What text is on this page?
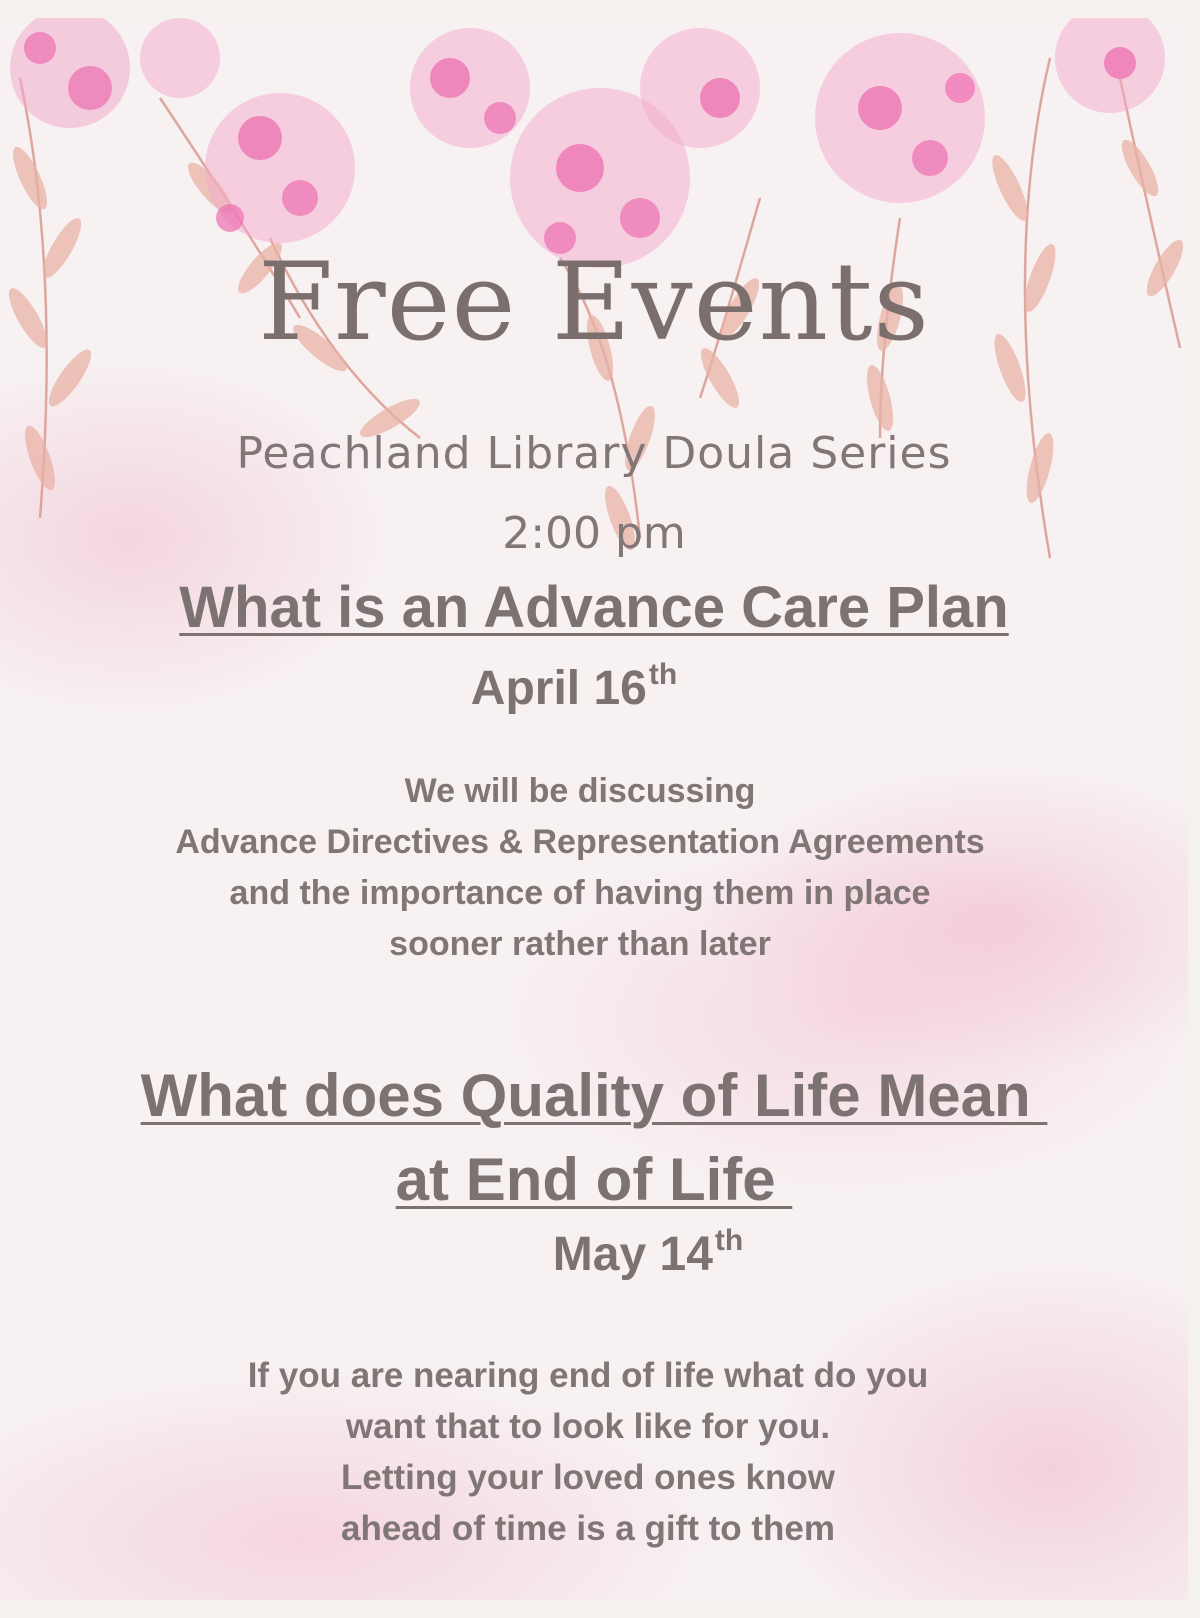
Free Events
Peachland Library Doula Series
2:00 pm
What is an Advance Care Plan
April 16th
We will be discussing
Advance Directives & Representation Agreements
and the importance of having them in place
sooner rather than later
What does Quality of Life Mean
at End of Life
May 14th
If you are nearing end of life what do you
want that to look like for you.
Letting your loved ones know
ahead of time is a gift to them
